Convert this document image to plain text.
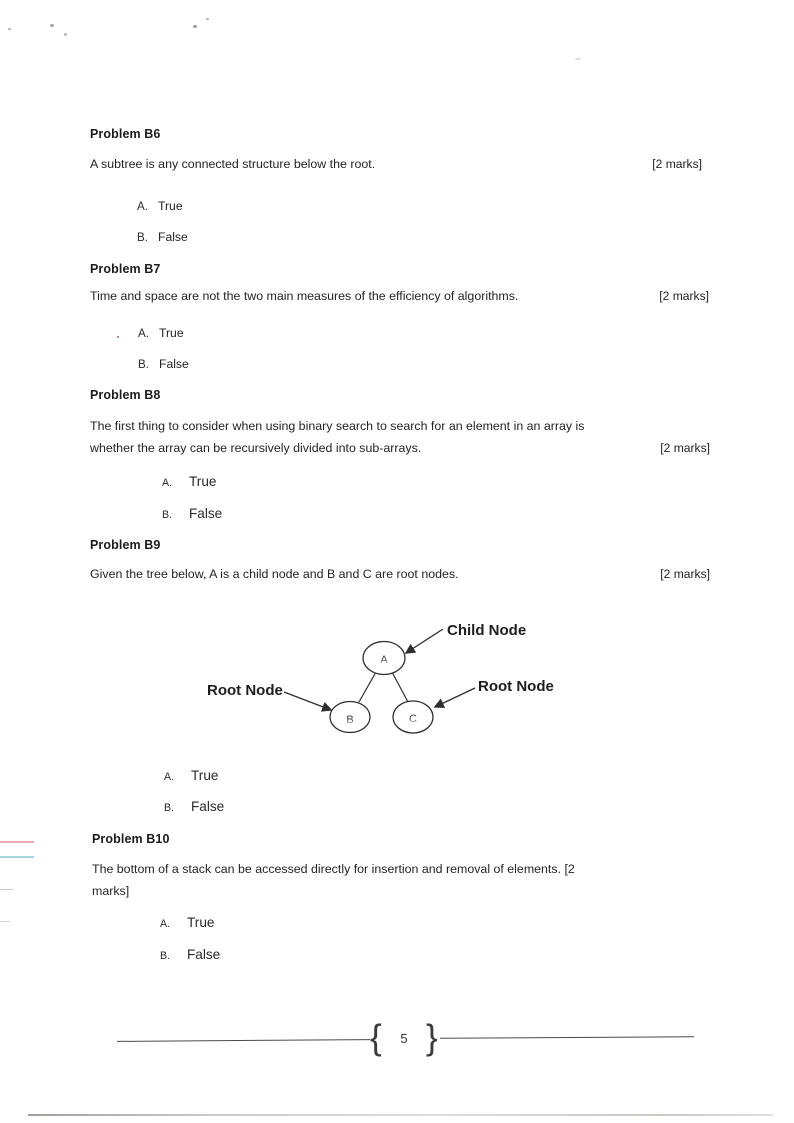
Problem B6
A subtree is any connected structure below the root.	[2 marks]
A. True
B. False
Problem B7
Time and space are not the two main measures of the efficiency of algorithms.	[2 marks]
A. True
B. False
Problem B8
The first thing to consider when using binary search to search for an element in an array is
whether the array can be recursively divided into sub-arrays.	[2 marks]
A.	True
B.	False
Problem B9
Given the tree below, A is a child node and B and C are root nodes.	[2 marks]
A
B	C
Child Node
Root Node	Root Node
A.	True
B.	False
Problem B10
The bottom of a stack can be accessed directly for insertion and removal of elements. [2
marks]
A.	True
B.	False
{	5 }
